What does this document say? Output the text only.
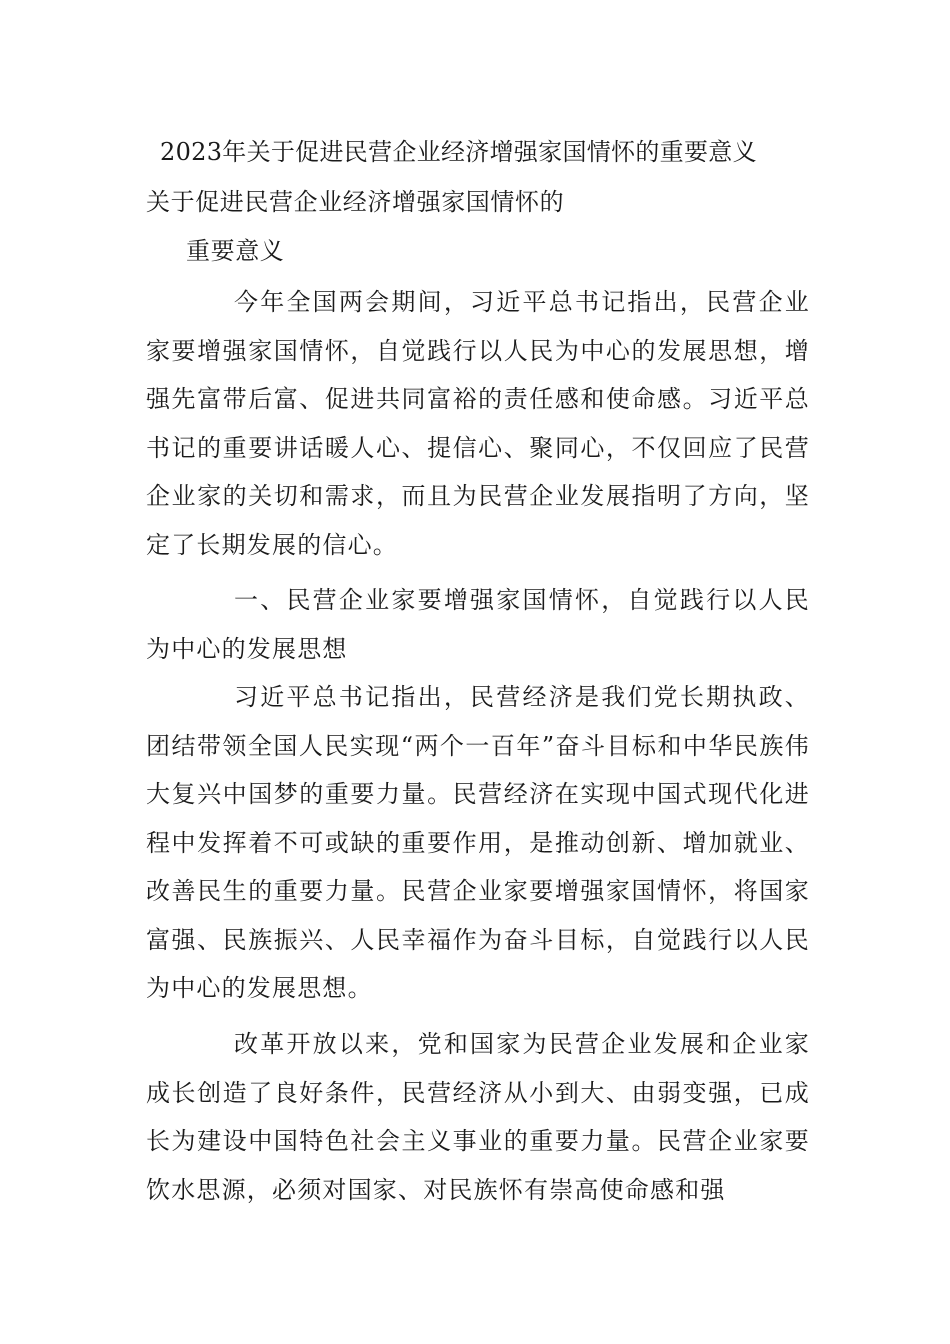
2023年关于促进民营企业经济增强家国情怀的重要意义
关于促进民营企业经济增强家国情怀的
重要意义
今年全国两会期间，习近平总书记指出，民营企业家要增强家国情怀，自觉践行以人民为中心的发展思想，增强先富带后富、促进共同富裕的责任感和使命感。习近平总书记的重要讲话暖人心、提信心、聚同心，不仅回应了民营企业家的关切和需求，而且为民营企业发展指明了方向，坚定了长期发展的信心。
一、民营企业家要增强家国情怀，自觉践行以人民为中心的发展思想
习近平总书记指出，民营经济是我们党长期执政、团结带领全国人民实现“两个一百年”奋斗目标和中华民族伟大复兴中国梦的重要力量。民营经济在实现中国式现代化进程中发挥着不可或缺的重要作用，是推动创新、增加就业、改善民生的重要力量。民营企业家要增强家国情怀，将国家富强、民族振兴、人民幸福作为奋斗目标，自觉践行以人民为中心的发展思想。
改革开放以来，党和国家为民营企业发展和企业家成长创造了良好条件，民营经济从小到大、由弱变强，已成长为建设中国特色社会主义事业的重要力量。民营企业家要饮水思源，必须对国家、对民族怀有崇高使命感和强
